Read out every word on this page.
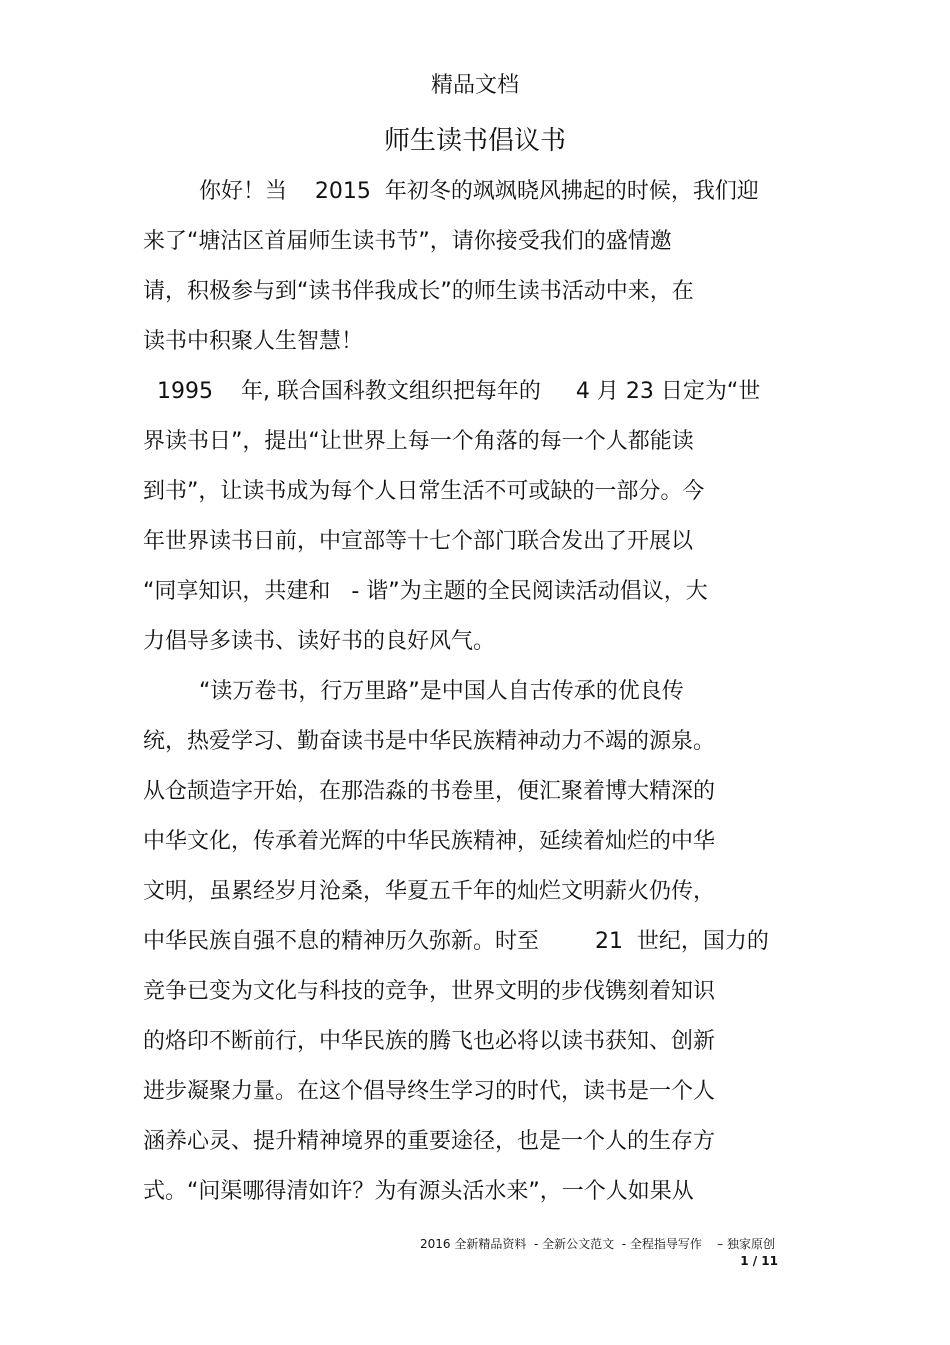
精品文档
师生读书倡议书
你好！当    2015  年初冬的飒飒晓风拂起的时候，我们迎
来了“塘沽区首届师生读书节”，请你接受我们的盛情邀
请，积极参与到“读书伴我成长”的师生读书活动中来，在
读书中积聚人生智慧！
1995    年, 联合国科教文组织把每年的     4 月 23 日定为“世
界读书日”，提出“让世界上每一个角落的每一个人都能读
到书”，让读书成为每个人日常生活不可或缺的一部分。今
年世界读书日前，中宣部等十七个部门联合发出了开展以
“同享知识，共建和   - 谐”为主题的全民阅读活动倡议，大
力倡导多读书、读好书的良好风气。
“读万卷书，行万里路”是中国人自古传承的优良传
统，热爱学习、勤奋读书是中华民族精神动力不竭的源泉。
从仓颉造字开始，在那浩淼的书卷里，便汇聚着博大精深的
中华文化，传承着光辉的中华民族精神，延续着灿烂的中华
文明，虽累经岁月沧桑，华夏五千年的灿烂文明薪火仍传，
中华民族自强不息的精神历久弥新。时至        21  世纪，国力的
竞争已变为文化与科技的竞争，世界文明的步伐镌刻着知识
的烙印不断前行，中华民族的腾飞也必将以读书获知、创新
进步凝聚力量。在这个倡导终生学习的时代，读书是一个人
涵养心灵、提升精神境界的重要途径，也是一个人的生存方
式。“问渠哪得清如许？为有源头活水来”，一个人如果从
2016 全新精品资料  - 全新公文范文  - 全程指导写作    – 独家原创
1 / 11
